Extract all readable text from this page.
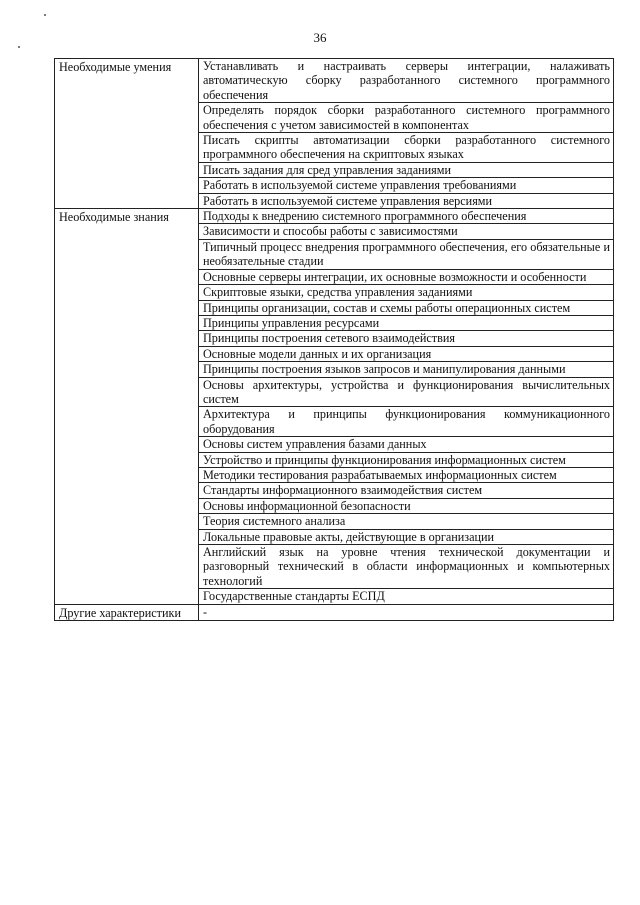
36
Необходимые умения	Устанавливать и настраивать серверы интеграции, налаживать автоматическую сборку разработанного системного программного обеспечения
	Определять порядок сборки разработанного системного программного обеспечения с учетом зависимостей в компонентах
	Писать скрипты автоматизации сборки разработанного системного программного обеспечения на скриптовых языках
	Писать задания для сред управления заданиями
	Работать в используемой системе управления требованиями
	Работать в используемой системе управления версиями
Необходимые знания	Подходы к внедрению системного программного обеспечения
	Зависимости и способы работы с зависимостями
	Типичный процесс внедрения программного обеспечения, его обязательные и необязательные стадии
	Основные серверы интеграции, их основные возможности и особенности
	Скриптовые языки, средства управления заданиями
	Принципы организации, состав и схемы работы операционных систем
	Принципы управления ресурсами
	Принципы построения сетевого взаимодействия
	Основные модели данных и их организация
	Принципы построения языков запросов и манипулирования данными
	Основы архитектуры, устройства и функционирования вычислительных систем
	Архитектура и принципы функционирования коммуникационного оборудования
	Основы систем управления базами данных
	Устройство и принципы функционирования информационных систем
	Методики тестирования разрабатываемых информационных систем
	Стандарты информационного взаимодействия систем
	Основы информационной безопасности
	Теория системного анализа
	Локальные правовые акты, действующие в организации
	Английский язык на уровне чтения технической документации и разговорный технический в области информационных и компьютерных технологий
	Государственные стандарты ЕСПД
Другие характеристики	-
